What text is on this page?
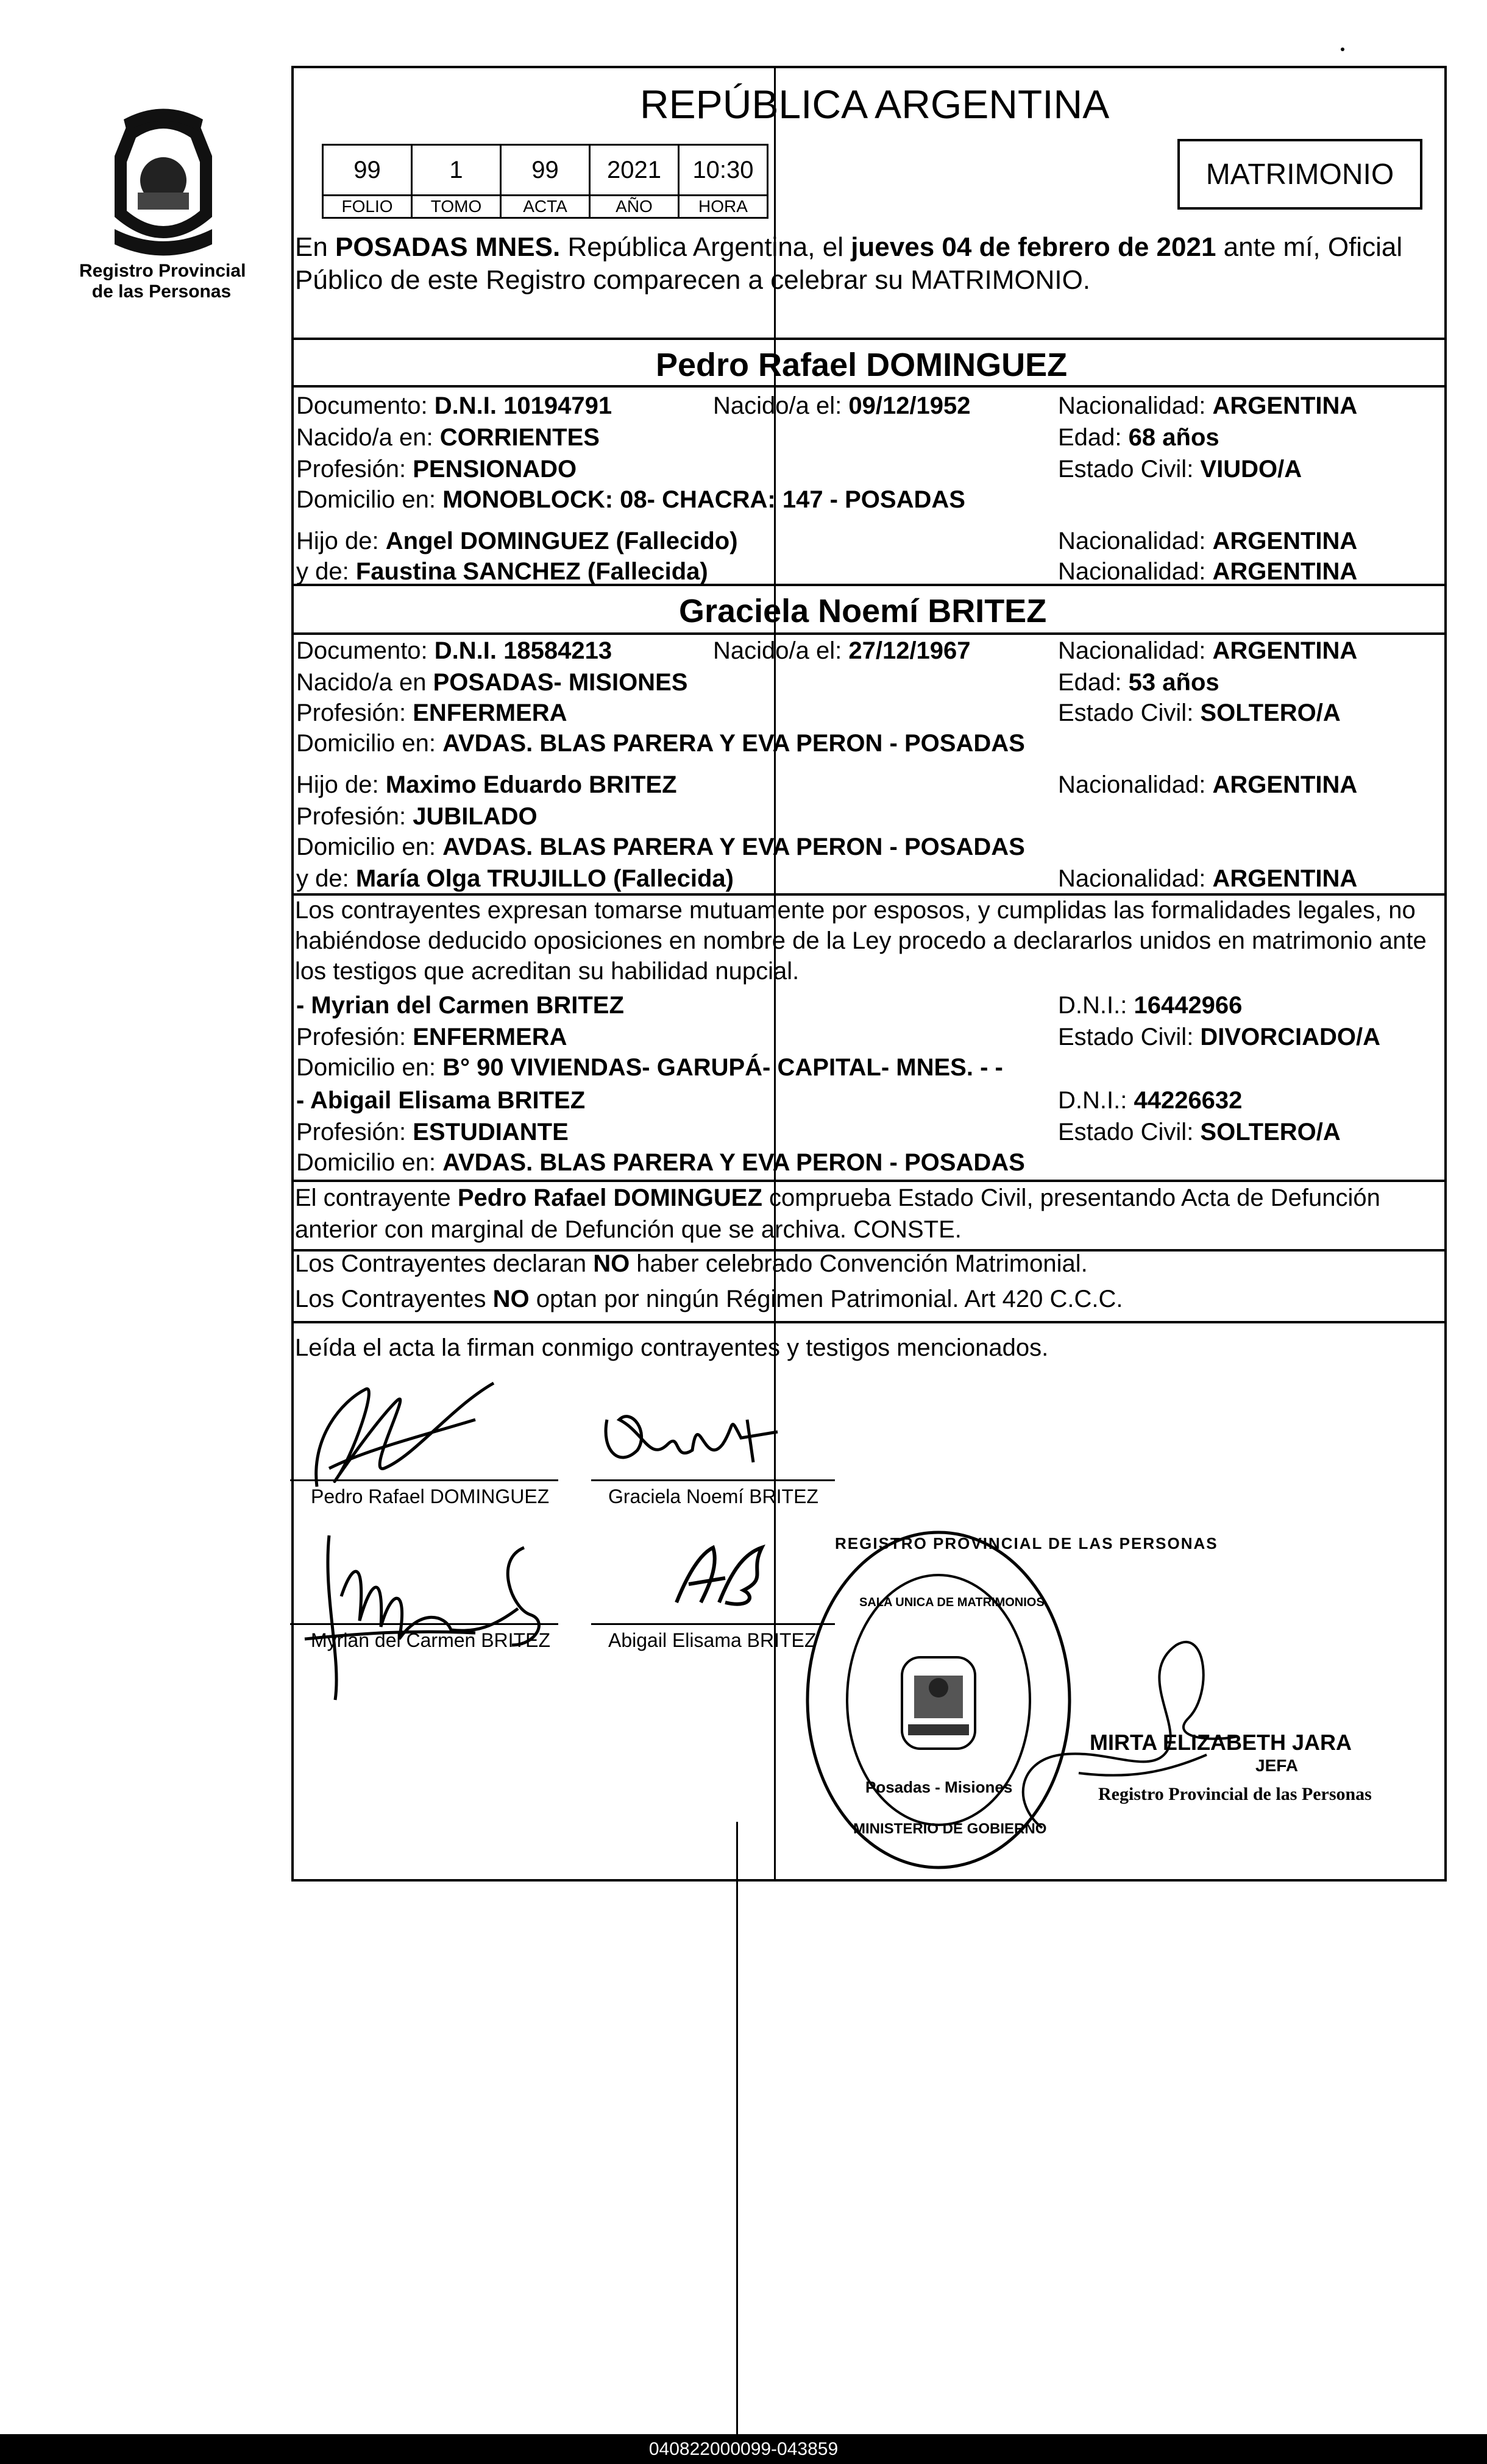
Registro Provincial
de las Personas
REPÚBLICA ARGENTINA
MATRIMONIO
99	1	99	2021	10:30
FOLIO	TOMO	ACTA	AÑO	HORA
En POSADAS MNES. República Argentina, el jueves 04 de febrero de 2021 ante mí, Oficial
Público de este Registro comparecen a celebrar su MATRIMONIO.
Pedro Rafael DOMINGUEZ
Documento: D.N.I. 10194791	Nacido/a el: 09/12/1952	Nacionalidad: ARGENTINA
Nacido/a en: CORRIENTES	Edad: 68 años
Profesión: PENSIONADO	Estado Civil: VIUDO/A
Domicilio en: MONOBLOCK: 08- CHACRA: 147 - POSADAS
Hijo de: Angel DOMINGUEZ (Fallecido)	Nacionalidad: ARGENTINA
y de: Faustina SANCHEZ (Fallecida)	Nacionalidad: ARGENTINA
Graciela Noemí BRITEZ
Documento: D.N.I. 18584213	Nacido/a el: 27/12/1967	Nacionalidad: ARGENTINA
Nacido/a en POSADAS- MISIONES	Edad: 53 años
Profesión: ENFERMERA	Estado Civil: SOLTERO/A
Domicilio en: AVDAS. BLAS PARERA Y EVA PERON - POSADAS
Hijo de: Maximo Eduardo BRITEZ	Nacionalidad: ARGENTINA
Profesión: JUBILADO
Domicilio en: AVDAS. BLAS PARERA Y EVA PERON - POSADAS
y de: María Olga TRUJILLO (Fallecida)	Nacionalidad: ARGENTINA
Los contrayentes expresan tomarse mutuamente por esposos, y cumplidas las formalidades legales, no
habiéndose deducido oposiciones en nombre de la Ley procedo a declararlos unidos en matrimonio ante
los testigos que acreditan su habilidad nupcial.
- Myrian del Carmen BRITEZ	D.N.I.: 16442966
Profesión: ENFERMERA	Estado Civil: DIVORCIADO/A
Domicilio en: B° 90 VIVIENDAS- GARUPÁ- CAPITAL- MNES. - -
- Abigail Elisama BRITEZ	D.N.I.: 44226632
Profesión: ESTUDIANTE	Estado Civil: SOLTERO/A
Domicilio en: AVDAS. BLAS PARERA Y EVA PERON - POSADAS
El contrayente Pedro Rafael DOMINGUEZ comprueba Estado Civil, presentando Acta de Defunción
anterior con marginal de Defunción que se archiva. CONSTE.
Los Contrayentes declaran NO haber celebrado Convención Matrimonial.
Los Contrayentes NO optan por ningún Régimen Patrimonial. Art 420 C.C.C.
Leída el acta la firman conmigo contrayentes y testigos mencionados.
Pedro Rafael DOMINGUEZ	Graciela Noemí BRITEZ
Myrian del Carmen BRITEZ	Abigail Elisama BRITEZ
REGISTRO PROVINCIAL DE LAS PERSONAS
SALA UNICA DE MATRIMONIOS
Posadas - Misiones
MINISTERIO DE GOBIERNO
MIRTA ELIZABETH JARA
JEFA
Registro Provincial de las Personas
040822000099-043859
